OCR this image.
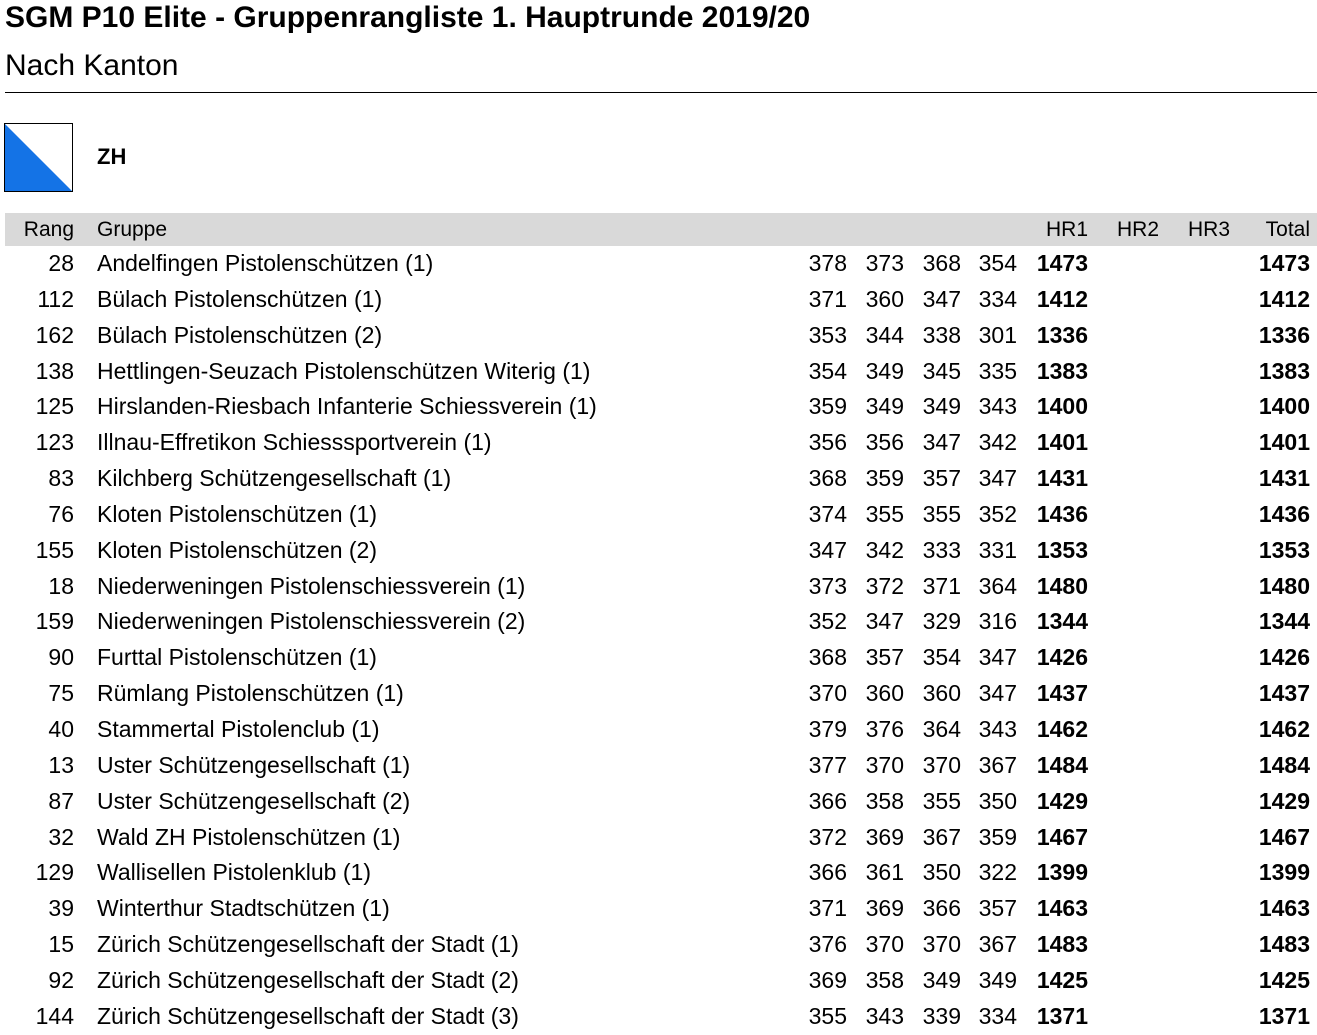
SGM P10 Elite - Gruppenrangliste 1. Hauptrunde 2019/20
Nach Kanton
ZH
Rang Gruppe	HR1	HR2	HR3	Total
28 Andelfingen Pistolenschützen (1)	378 373 368 354 1473	1473
112 Bülach Pistolenschützen (1)	371 360 347 334 1412	1412
162 Bülach Pistolenschützen (2)	353 344 338 301 1336	1336
138 Hettlingen-Seuzach Pistolenschützen Witerig (1)	354 349 345 335 1383	1383
125 Hirslanden-Riesbach Infanterie Schiessverein (1)	359 349 349 343 1400	1400
123 Illnau-Effretikon Schiesssportverein (1)	356 356 347 342 1401	1401
83 Kilchberg Schützengesellschaft (1)	368 359 357 347 1431	1431
76 Kloten Pistolenschützen (1)	374 355 355 352 1436	1436
155 Kloten Pistolenschützen (2)	347 342 333 331 1353	1353
18 Niederweningen Pistolenschiessverein (1)	373 372 371 364 1480	1480
159 Niederweningen Pistolenschiessverein (2)	352 347 329 316 1344	1344
90 Furttal Pistolenschützen (1)	368 357 354 347 1426	1426
75 Rümlang Pistolenschützen (1)	370 360 360 347 1437	1437
40 Stammertal Pistolenclub (1)	379 376 364 343 1462	1462
13 Uster Schützengesellschaft (1)	377 370 370 367 1484	1484
87 Uster Schützengesellschaft (2)	366 358 355 350 1429	1429
32 Wald ZH Pistolenschützen (1)	372 369 367 359 1467	1467
129 Wallisellen Pistolenklub (1)	366 361 350 322 1399	1399
39 Winterthur Stadtschützen (1)	371 369 366 357 1463	1463
15 Zürich Schützengesellschaft der Stadt (1)	376 370 370 367 1483	1483
92 Zürich Schützengesellschaft der Stadt (2)	369 358 349 349 1425	1425
144 Zürich Schützengesellschaft der Stadt (3)	355 343 339 334 1371	1371
